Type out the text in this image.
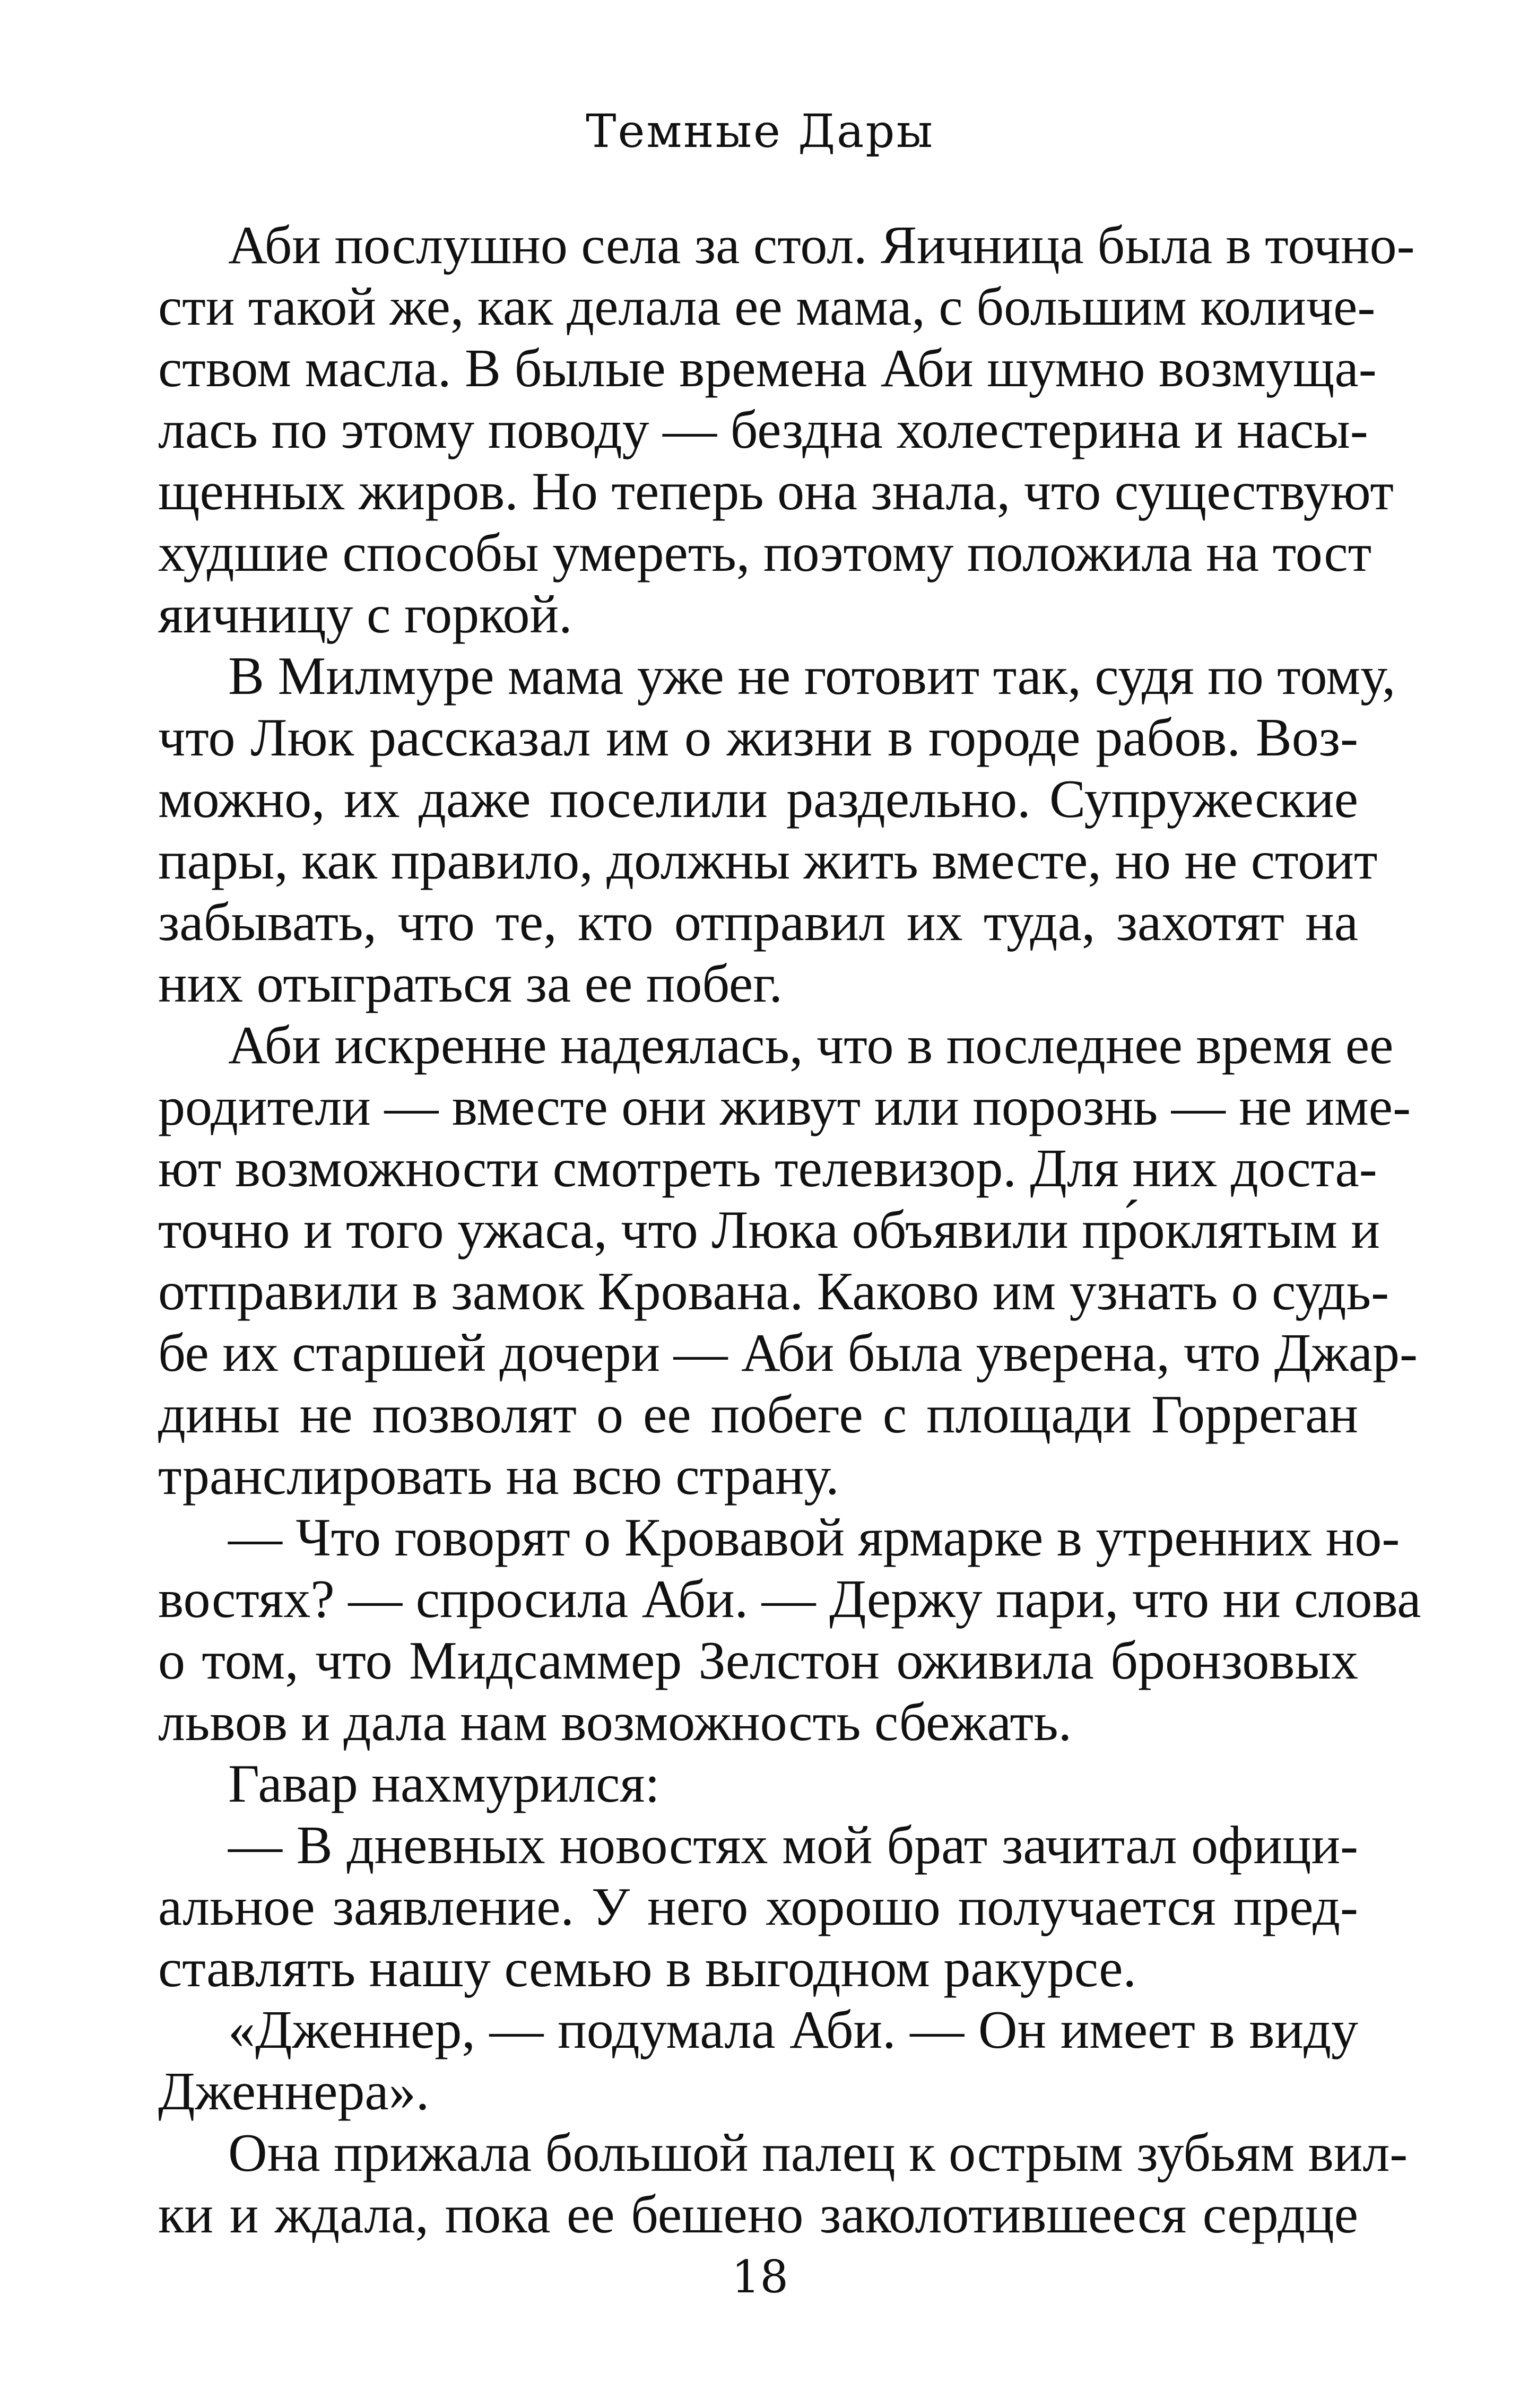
Темные Дары
Аби послушно села за стол. Яичница была в точно-
сти такой же, как делала ее мама, с большим количе-
ством масла. В былые времена Аби шумно возмуща-
лась по этому поводу — бездна холестерина и насы-
щенных жиров. Но теперь она знала, что существуют
худшие способы умереть, поэтому положила на тост
яичницу с горкой.
В Милмуре мама уже не готовит так, судя по тому,
что Люк рассказал им о жизни в городе рабов. Воз-
можно, их даже поселили раздельно. Супружеские
пары, как правило, должны жить вместе, но не стоит
забывать, что те, кто отправил их туда, захотят на
них отыграться за ее побег.
Аби искренне надеялась, что в последнее время ее
родители — вместе они живут или порознь — не име-
ют возможности смотреть телевизор. Для них доста-
точно и того ужаса, что Люка объявили пр́оклятым и
отправили в замок Крована. Каково им узнать о судь-
бе их старшей дочери — Аби была уверена, что Джар-
дины не позволят о ее побеге с площади Горреган
транслировать на всю страну.
— Что говорят о Кровавой ярмарке в утренних но-
востях? — спросила Аби. — Держу пари, что ни слова
о том, что Мидсаммер Зелстон оживила бронзовых
львов и дала нам возможность сбежать.
Гавар нахмурился:
— В дневных новостях мой брат зачитал офици-
альное заявление. У него хорошо получается пред-
ставлять нашу семью в выгодном ракурсе.
«Дженнер, — подумала Аби. — Он имеет в виду
Дженнера».
Она прижала большой палец к острым зубьям вил-
ки и ждала, пока ее бешено заколотившееся сердце
18
